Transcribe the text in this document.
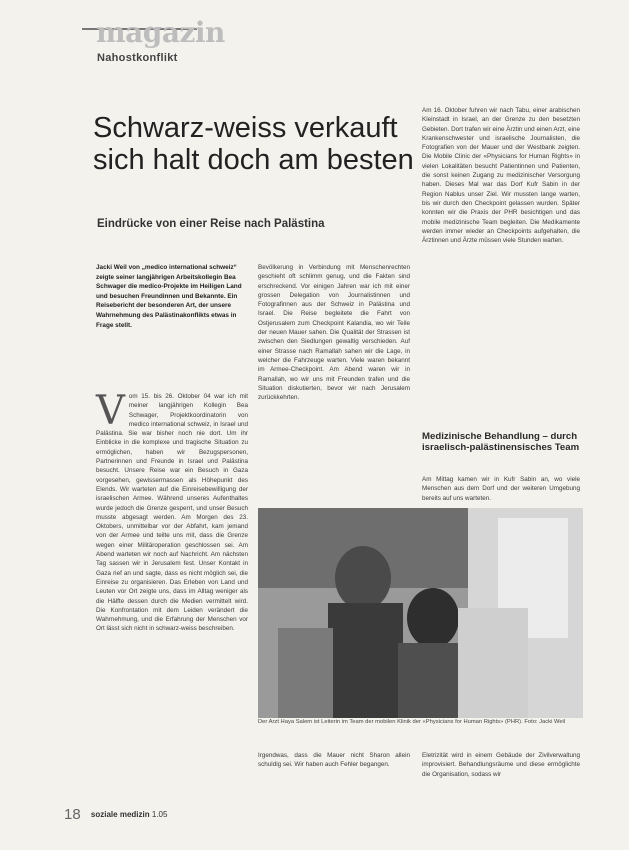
magazin
Nahostkonflikt
Schwarz-weiss verkauft sich halt doch am besten
Eindrücke von einer Reise nach Palästina
Jacki Weil von „medico international schweiz“ zeigte seiner langjährigen Arbeitskollegin Bea Schwager die medico-Projekte im Heiligen Land und besuchen Freundinnen und Bekannte. Ein Reisebericht der besonderen Art, der unsere Wahrnehmung des Palästinakonflikts etwas in Frage stellt.
V om 15. bis 26. Oktober 04 war ich mit meiner langjährigen Kollegin Bea Schwager, Projektkoordinatorin von medico international schweiz, in Israel und Palästina. Sie war bisher noch nie dort. Um ihr Einblicke in die komplexe und tragische Situation zu ermöglichen, haben wir Bezugspersonen, Partnerinnen und Freunde in Israel und Palästina besucht. Unsere Reise war ein Besuch in Gaza vorgesehen, gewissermassen als Höhepunkt des Elends. Wir warteten auf die Einreisebewilligung der israelischen Armee. Während unseres Aufenthaltes wurde jedoch die Grenze gesperrt, und unser Besuch musste abgesagt werden. Am Morgen des 23. Oktobers, unmittelbar vor der Abfahrt, kam jemand von der Armee und teilte uns mit, dass die Grenze wegen einer Militäroperation geschlossen sei. Am Abend warteten wir noch auf Nachricht. Am nächsten Tag sassen wir in Jerusalem fest. Unser Kontakt in Gaza rief an und sagte, dass es nicht möglich sei, die Einreise zu organisieren. Das Erleben von Land und Leuten vor Ort zeigte uns, dass im Alltag weniger als die Hälfte dessen durch die Medien vermittelt wird. Die Konfrontation mit dem Leiden verändert die Wahrnehmung, und die Erfahrung der Menschen vor Ort lässt sich nicht in schwarz-weiss beschreiben.

Bevölkerung in Verbindung mit Menschenrechten geschieht oft schlimm genug, und die Fakten sind erschreckend. Vor einigen Jahren war ich mit einer grossen Delegation von Journalistinnen und Fotografinnen aus der Schweiz in Palästina und Israel. Die Reise begleitete die Fahrt von Ostjerusalem zum Checkpoint Kalandia, wo wir Teile der neuen Mauer sahen. Die Qualität der Strassen ist zwischen den Siedlungen gewaltig verschieden. Auf einer Strasse nach Ramallah sahen wir die Lage, in welcher die Fahrzeuge warten. Viele waren bekannt im Armee-Checkpoint. Am Abend waren wir in Ramallah, wo wir uns mit Freunden trafen und die Situation diskutierten, bevor wir nach Jerusalem zurückkehrten.

Am 16. Oktober fuhren wir nach Tabu, einer arabischen Kleinstadt in Israel, an der Grenze zu den besetzten Gebieten. Dort trafen wir eine Ärztin und einen Arzt, eine Krankenschwester und israelische Journalisten, die Fotografien von der Mauer und der Westbank zeigten. Die Mobile Clinic der «Physicians for Human Rights» in vielen Lokalitäten besucht Patientinnen und Patienten, die sonst keinen Zugang zu medizinischer Versorgung haben. Dieses Mal war das Dorf Kufr Sabin in der Region Nablus unser Ziel. Wir mussten lange warten, bis wir durch den Checkpoint gelassen wurden. Später konnten wir die Praxis der PHR besichtigen und das mobile medizinische Team begleiten. Die Medikamente werden immer wieder an Checkpoints aufgehalten, die Ärztinnen und Ärzte müssen viele Stunden warten.

Medizinische Behandlung – durch israelisch-palästinensisches Team

Am Mittag kamen wir in Kufr Sabin an, wo viele Menschen aus dem Dorf und der weiteren Umgebung bereits auf uns warteten.

Der Arzt Haya Salem ist Leiterin im Team der mobilen Klinik der «Physicians for Human Rights» (PHR). Foto: Jacki Weil

Irgendwas, dass die Mauer nicht Sharon allein schuldig sei. Wir haben auch Fehler begangen.

Eletrizität wird in einem Gebäude der Zivilverwaltung improvisiert. Behandlungsräume und diese ermöglichte die Organisation, sodass wir

18 soziale medizin 1.05
